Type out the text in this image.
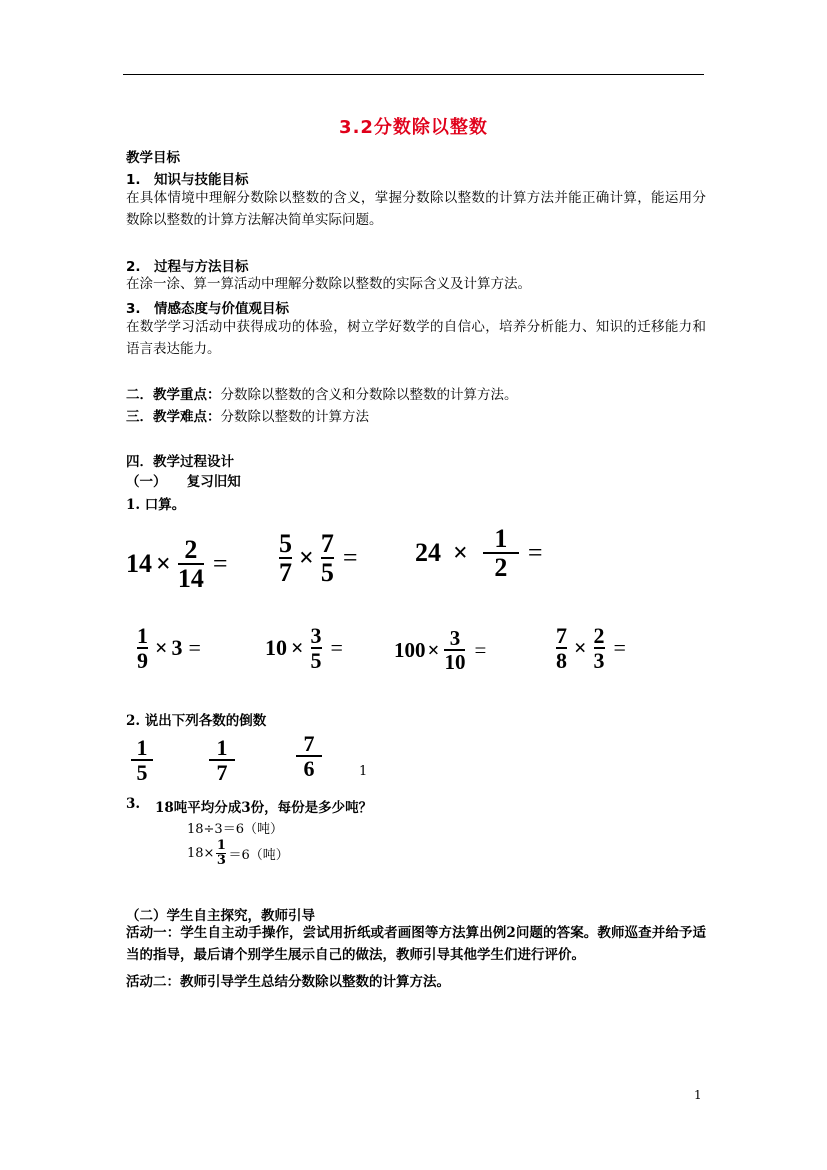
3.2分数除以整数
教学目标
1.　知识与技能目标
在具体情境中理解分数除以整数的含义，掌握分数除以整数的计算方法并能正确计算，能运用分数除以整数的计算方法解决简单实际问题。
2.　过程与方法目标
在涂一涂、算一算活动中理解分数除以整数的实际含义及计算方法。
3.　情感态度与价值观目标
在数学学习活动中获得成功的体验，树立学好数学的自信心，培养分析能力、知识的迁移能力和语言表达能力。
二．教学重点：分数除以整数的含义和分数除以整数的计算方法。
三．教学难点：分数除以整数的计算方法
四．教学过程设计
（一）　　复习旧知
1. 口算。
$14 \times \frac{2}{14} = \frac{5}{7} \times \frac{7}{5} = 24 \times \frac{1}{2}$ =
$\frac{1}{9} \times 3$ =	$10 \times \frac{3}{5} = 100 \times \frac{3}{10}$ =	$\frac{7}{8} \times \frac{2}{3}$ =
2. 说出下列各数的倒数
$\frac{1}{5}$	$\frac{1}{7}$	$\frac{7}{6}$	1
3. 18吨平均分成3份，每份是多少吨？
18÷3＝6（吨）
$18\times \frac{1}{3} =6$（吨）
（二）学生自主探究，教师引导
活动一：学生自主动手操作，尝试用折纸或者画图等方法算出例2问题的答案。教师巡查并给予适当的指导，最后请个别学生展示自己的做法，教师引导其他学生们进行评价。
活动二：教师引导学生总结分数除以整数的计算方法。
1
